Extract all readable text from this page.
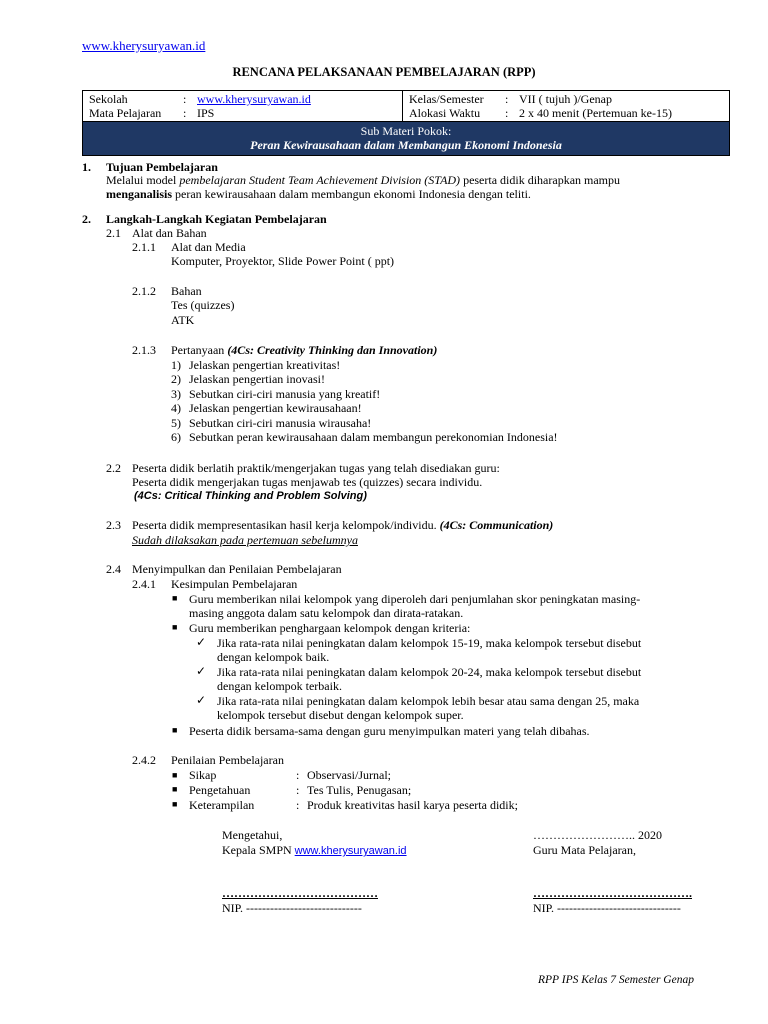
www.kherysuryawan.id
RENCANA PELAKSANAAN PEMBELAJARAN (RPP)
Sekolah	: www.kherysuryawan.id
Mata Pelajaran	: IPS

Kelas/Semester	: VII ( tujuh )/Genap
Alokasi Waktu	: 2 x 40 menit (Pertemuan ke-15)

Sub Materi Pokok:
Peran Kewirausahaan dalam Membangun Ekonomi Indonesia
1. Tujuan Pembelajaran
Melalui model pembelajaran Student Team Achievement Division (STAD) peserta didik diharapkan mampu
menganalisis peran kewirausahaan dalam membangun ekonomi Indonesia dengan teliti.
2. Langkah-Langkah Kegiatan Pembelajaran
2.1 Alat dan Bahan
2.1.1 Alat dan Media
Komputer, Proyektor, Slide Power Point ( ppt)
2.1.2 Bahan
Tes (quizzes)
ATK
2.1.3 Pertanyaan (4Cs: Creativity Thinking dan Innovation)
1) Jelaskan pengertian kreativitas!
2) Jelaskan pengertian inovasi!
3) Sebutkan ciri-ciri manusia yang kreatif!
4) Jelaskan pengertian kewirausahaan!
5) Sebutkan ciri-ciri manusia wirausaha!
6) Sebutkan peran kewirausahaan dalam membangun perekonomian Indonesia!
2.2 Peserta didik berlatih praktik/mengerjakan tugas yang telah disediakan guru:
Peserta didik mengerjakan tugas menjawab tes (quizzes) secara individu.
(4Cs: Critical Thinking and Problem Solving)
2.3 Peserta didik mempresentasikan hasil kerja kelompok/individu. (4Cs: Communication)
Sudah dilaksakan pada pertemuan sebelumnya
2.4 Menyimpulkan dan Penilaian Pembelajaran
2.4.1 Kesimpulan Pembelajaran
■ Guru memberikan nilai kelompok yang diperoleh dari penjumlahan skor peningkatan masing-
masing anggota dalam satu kelompok dan dirata-ratakan.
■ Guru memberikan penghargaan kelompok dengan kriteria:
✓
Jika rata-rata nilai peningkatan dalam kelompok 15-19, maka kelompok tersebut disebut
dengan kelompok baik.
✓
Jika rata-rata nilai peningkatan dalam kelompok 20-24, maka kelompok tersebut disebut
dengan kelompok terbaik.
✓
Jika rata-rata nilai peningkatan dalam kelompok lebih besar atau sama dengan 25, maka
kelompok tersebut disebut dengan kelompok super.
■ Peserta didik bersama-sama dengan guru menyimpulkan materi yang telah dibahas.
2.4.2 Penilaian Pembelajaran
■ Sikap	: Observasi/Jurnal;
■ Pengetahuan	: Tes Tulis, Penugasan;
■ Keterampilan	: Produk kreativitas hasil karya peserta didik;
Mengetahui,
Kepala SMPN www.kherysuryawan.id
…………………….. 2020
Guru Mata Pelajaran,
…………………………………	………………………………….
NIP. -----------------------------	NIP. -------------------------------
RPP IPS Kelas 7 Semester Genap
